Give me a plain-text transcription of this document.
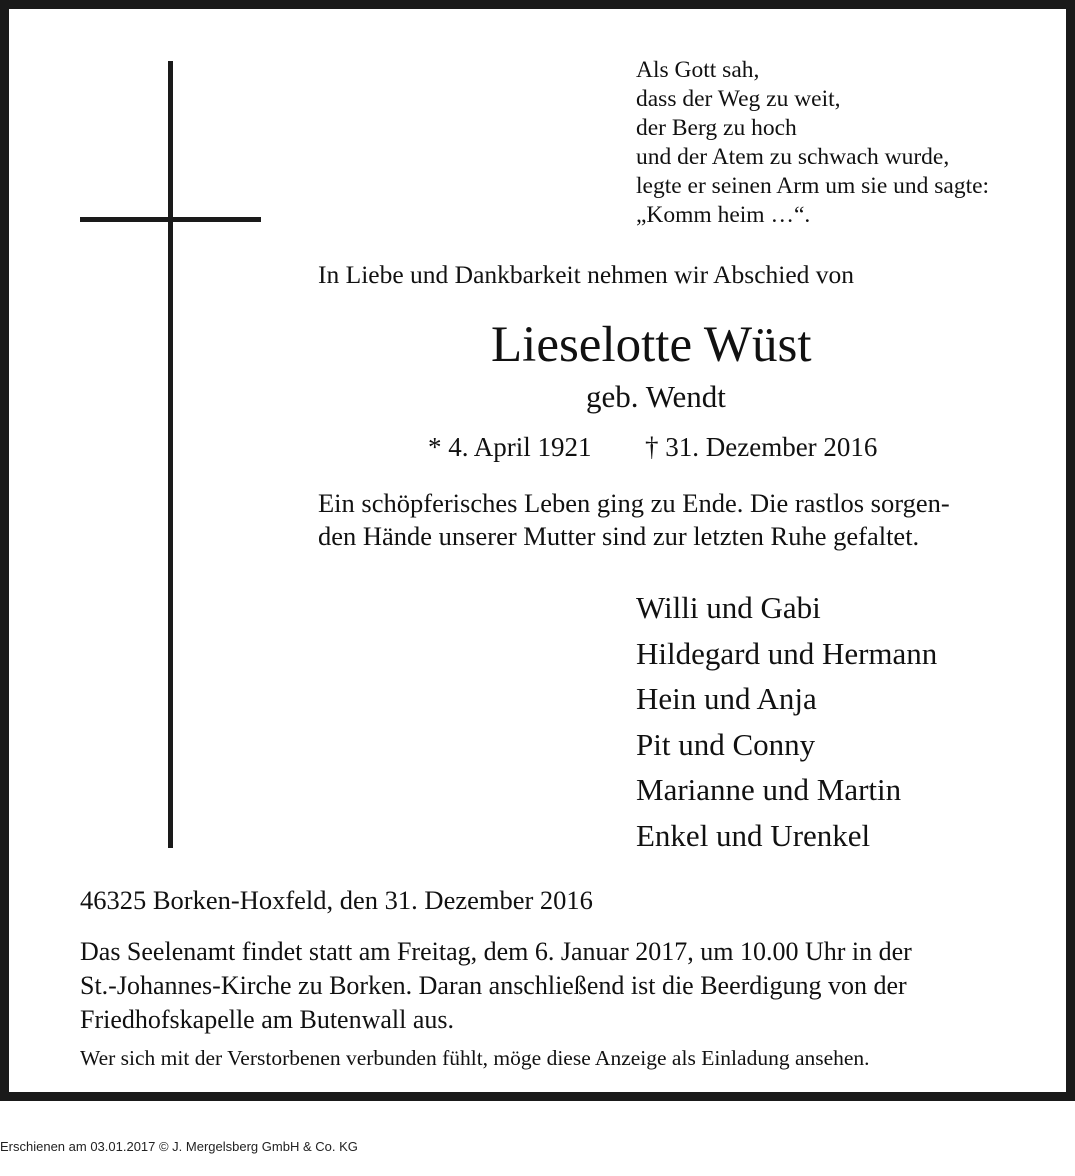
Als Gott sah,
dass der Weg zu weit,
der Berg zu hoch
und der Atem zu schwach wurde,
legte er seinen Arm um sie und sagte:
„Komm heim …“.
In Liebe und Dankbarkeit nehmen wir Abschied von
Lieselotte Wüst
geb. Wendt
* 4. April 1921 † 31. Dezember 2016
Ein schöpferisches Leben ging zu Ende. Die rastlos sorgen-
den Hände unserer Mutter sind zur letzten Ruhe gefaltet.
Willi und Gabi
Hildegard und Hermann
Hein und Anja
Pit und Conny
Marianne und Martin
Enkel und Urenkel
46325 Borken-Hoxfeld, den 31. Dezember 2016
Das Seelenamt findet statt am Freitag, dem 6. Januar 2017, um 10.00 Uhr in der
St.-Johannes-Kirche zu Borken. Daran anschließend ist die Beerdigung von der
Friedhofskapelle am Butenwall aus.
Wer sich mit der Verstorbenen verbunden fühlt, möge diese Anzeige als Einladung ansehen.
Erschienen am 03.01.2017 © J. Mergelsberg GmbH & Co. KG
